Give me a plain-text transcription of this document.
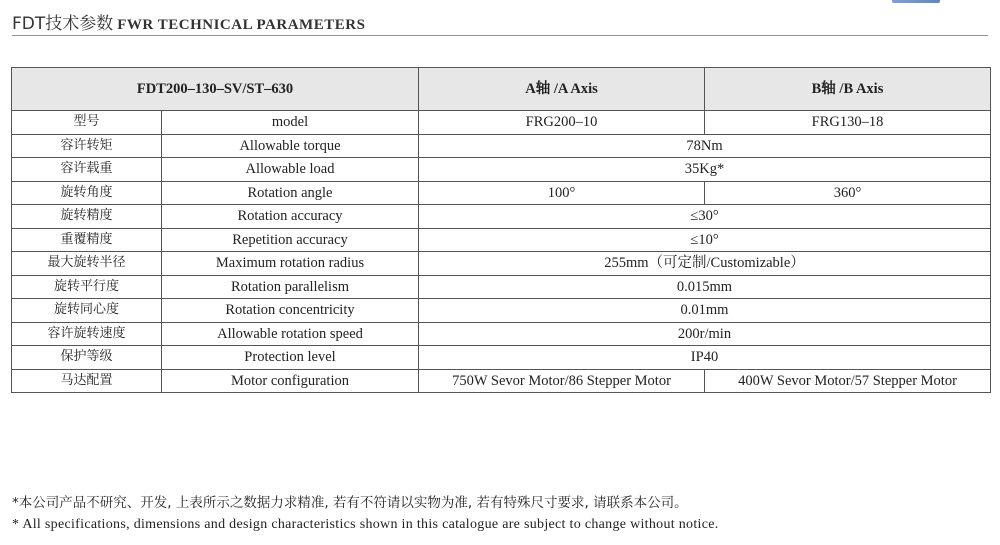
FDT技术参数 FWR TECHNICAL PARAMETERS
FDT200–130–SV/ST–630		A轴 /A Axis	B轴 /B Axis
型号	model	FRG200–10	FRG130–18
容许转矩	Allowable torque	78Nm	
容许载重	Allowable load	35Kg*	
旋转角度	Rotation angle	100°	360°
旋转精度	Rotation accuracy	≤30°	
重覆精度	Repetition accuracy	≤10°	
最大旋转半径	Maximum rotation radius	255mm（可定制/Customizable）	
旋转平行度	Rotation parallelism	0.015mm	
旋转同心度	Rotation concentricity	0.01mm	
容许旋转速度	Allowable rotation speed	200r/min	
保护等级	Protection level	IP40	
马达配置	Motor configuration	750W Sevor Motor/86 Stepper Motor	400W Sevor Motor/57 Stepper Motor
*本公司产品不研究、开发, 上表所示之数据力求精准, 若有不符请以实物为准, 若有特殊尺寸要求, 请联系本公司。
* All specifications, dimensions and design characteristics shown in this catalogue are subject to change without notice.
